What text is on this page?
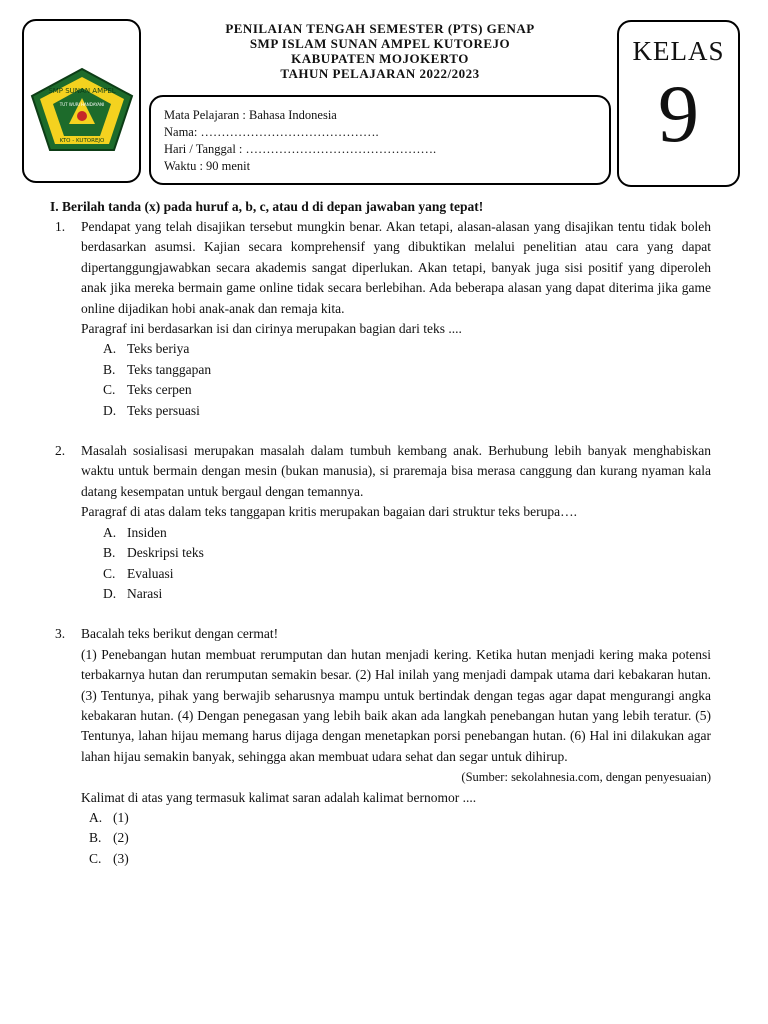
SMP SUNAN AMPEL
TUT WURI HANDAYANI
KTO - KUTOREJO
PENILAIAN TENGAH SEMESTER (PTS) GENAP
SMP ISLAM SUNAN AMPEL KUTOREJO
KABUPATEN MOJOKERTO
TAHUN PELAJARAN 2022/2023
Mata Pelajaran : Bahasa Indonesia
Nama: …………………………………….
Hari / Tanggal : ……………………………………….
Waktu : 90 menit
KELAS
9
I. Berilah tanda (x) pada huruf a, b, c, atau d di depan jawaban yang tepat!
1. Pendapat yang telah disajikan tersebut mungkin benar. Akan tetapi, alasan-alasan yang disajikan tentu tidak boleh berdasarkan asumsi. Kajian secara komprehensif yang dibuktikan melalui penelitian atau cara yang dapat dipertanggungjawabkan secara akademis sangat diperlukan. Akan tetapi, banyak juga sisi positif yang diperoleh anak jika mereka bermain game online tidak secara berlebihan. Ada beberapa alasan yang dapat diterima jika game online dijadikan hobi anak-anak dan remaja kita.

Paragraf ini berdasarkan isi dan cirinya merupakan bagian dari teks ....
A. Teks beriya
B. Teks tanggapan
C. Teks cerpen
D. Teks persuasi
2. Masalah sosialisasi merupakan masalah dalam tumbuh kembang anak. Berhubung lebih banyak menghabiskan waktu untuk bermain dengan mesin (bukan manusia), si praremaja bisa merasa canggung dan kurang nyaman kala datang kesempatan untuk bergaul dengan temannya.

Paragraf di atas dalam teks tanggapan kritis merupakan bagaian dari struktur teks berupa….
A. Insiden
B. Deskripsi teks
C. Evaluasi
D. Narasi
3. Bacalah teks berikut dengan cermat!

(1) Penebangan hutan membuat rerumputan dan hutan menjadi kering. Ketika hutan menjadi kering maka potensi terbakarnya hutan dan rerumputan semakin besar. (2) Hal inilah yang menjadi dampak utama dari kebakaran hutan. (3) Tentunya, pihak yang berwajib seharusnya mampu untuk bertindak dengan tegas agar dapat mengurangi angka kebakaran hutan. (4) Dengan penegasan yang lebih baik akan ada langkah penebangan hutan yang lebih teratur. (5) Tentunya, lahan hijau memang harus dijaga dengan menetapkan porsi penebangan hutan. (6) Hal ini dilakukan agar lahan hijau semakin banyak, sehingga akan membuat udara sehat dan segar untuk dihirup.

(Sumber: sekolahnesia.com, dengan penyesuaian)
Kalimat di atas yang termasuk kalimat saran adalah kalimat bernomor ....
A. (1)
B. (2)
C. (3)
